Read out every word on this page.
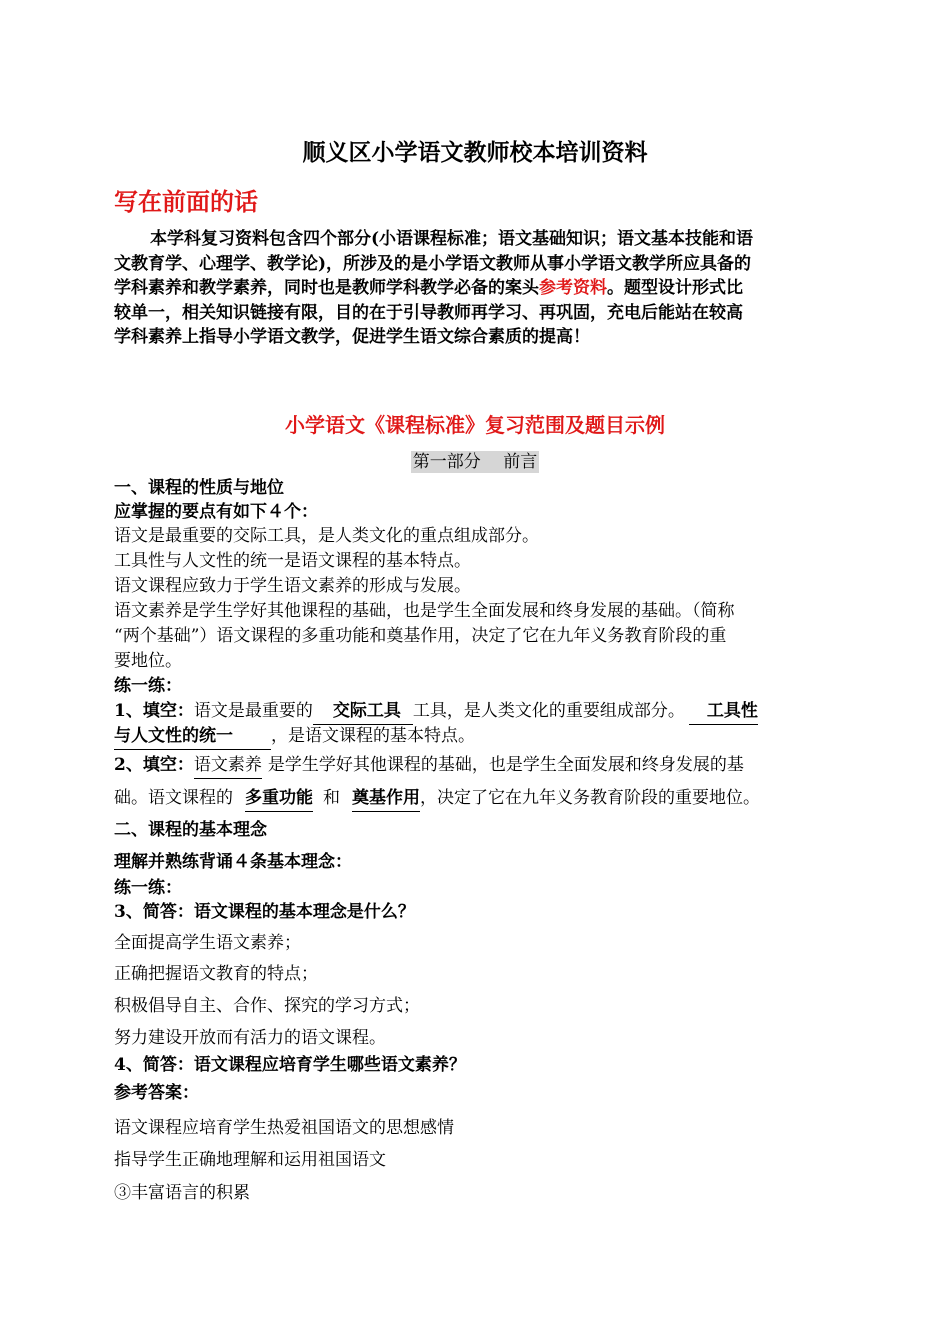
顺义区小学语文教师校本培训资料
写在前面的话
本学科复习资料包含四个部分(小语课程标准；语文基础知识；语文基本技能和语
文教育学、心理学、教学论)，所涉及的是小学语文教师从事小学语文教学所应具备的
学科素养和教学素养，同时也是教师学科教学必备的案头参考资料。题型设计形式比
较单一，相关知识链接有限，目的在于引导教师再学习、再巩固，充电后能站在较高
学科素养上指导小学语文教学，促进学生语文综合素质的提高！
小学语文《课程标准》复习范围及题目示例
第一部分　 前言
一、课程的性质与地位
应掌握的要点有如下４个：
语文是最重要的交际工具，是人类文化的重点组成部分。
工具性与人文性的统一是语文课程的基本特点。
语文课程应致力于学生语文素养的形成与发展。
语文素养是学生学好其他课程的基础，也是学生全面发展和终身发展的基础。（简称
“两个基础”）语文课程的多重功能和奠基作用，决定了它在九年义务教育阶段的重
要地位。
练一练：
1、填空：语文是最重要的 交际工具 工具，是人类文化的重要组成部分。 工具性
与人文性的统一 ，是语文课程的基本特点。
2、填空：语文素养 是学生学好其他课程的基础，也是学生全面发展和终身发展的基
础。语文课程的 多重功能 和 奠基作用，决定了它在九年义务教育阶段的重要地位。
二、课程的基本理念
理解并熟练背诵４条基本理念：
练一练：
3、简答：语文课程的基本理念是什么？
全面提高学生语文素养；
正确把握语文教育的特点；
积极倡导自主、合作、探究的学习方式；
努力建设开放而有活力的语文课程。
4、简答：语文课程应培育学生哪些语文素养？
参考答案：
语文课程应培育学生热爱祖国语文的思想感情
指导学生正确地理解和运用祖国语文
③丰富语言的积累
